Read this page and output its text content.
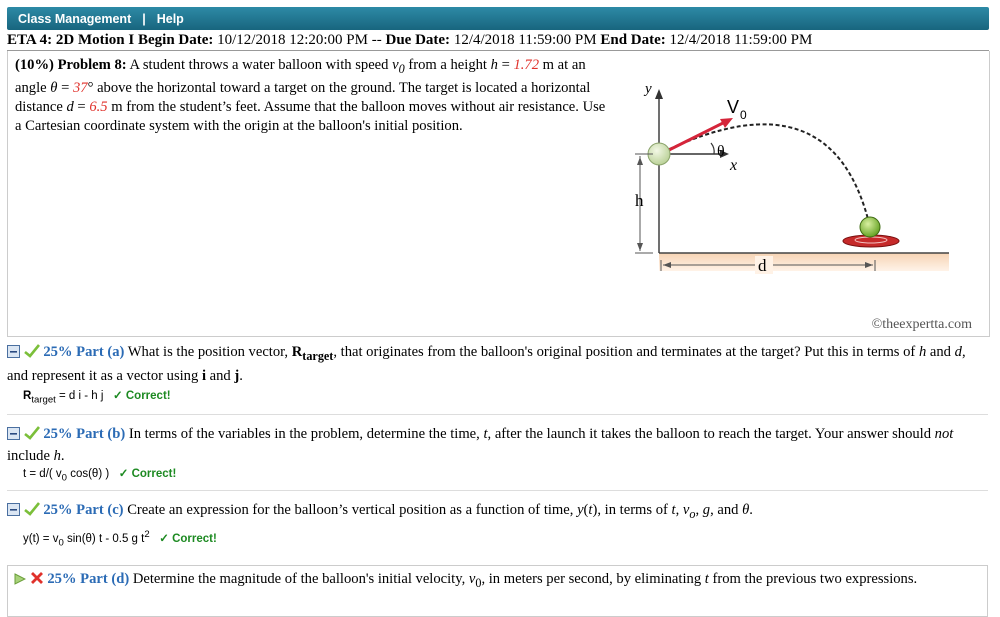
Class Management | Help
ETA 4: 2D Motion I Begin Date: 10/12/2018 12:20:00 PM -- Due Date: 12/4/2018 11:59:00 PM End Date: 12/4/2018 11:59:00 PM
(10%) Problem 8: A student throws a water balloon with speed $v_0$ from a height h = 1.72 m at an angle θ = 37° above the horizontal toward a target on the ground. The target is located a horizontal distance d = 6.5 m from the student’s feet. Assume that the balloon moves without air resistance. Use a Cartesian coordinate system with the origin at the balloon's initial position.
y
x
V 0
θ
h
d
©theexpertta.com
25% Part (a) What is the position vector, $R_{target}$, that originates from the balloon's original position and terminates at the target? Put this in terms of h and d, and represent it as a vector using i and j.
$R_{target} = d$ i - h j ✓ Correct!
25% Part (b) In terms of the variables in the problem, determine the time, t, after the launch it takes the balloon to reach the target. Your answer should not include h.
t = d/( $v_0$ cos(θ) ) ✓ Correct!
25% Part (c) Create an expression for the balloon’s vertical position as a function of time, y(t), in terms of t, $v_o$, g, and θ.
$y(t) = v_0$ sin(θ) t - 0.5 g $t^2$ ✓ Correct!
25% Part (d) Determine the magnitude of the balloon's initial velocity, $v_0$, in meters per second, by eliminating t from the previous two expressions.
